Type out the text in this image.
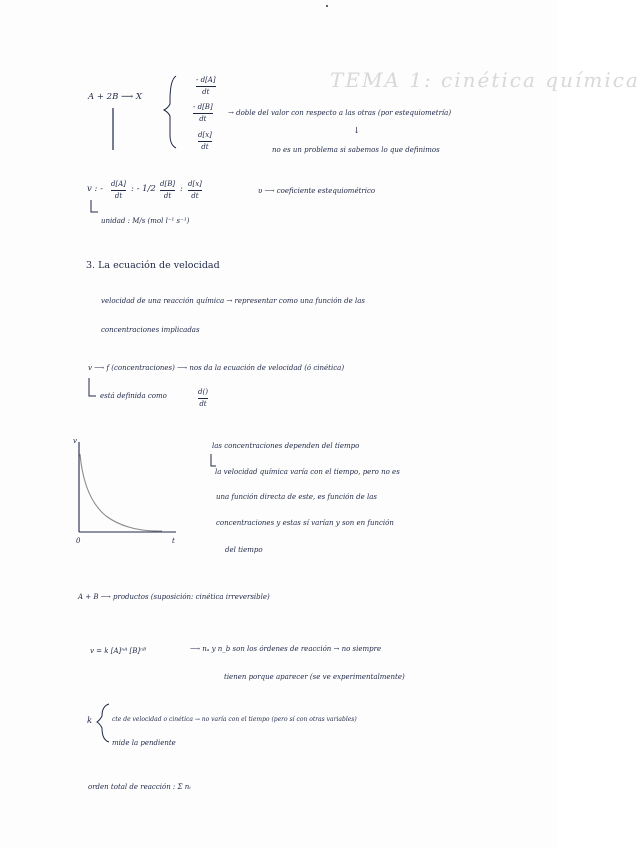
TEMA 1: cinética química
A + 2B ⟶ X
- d[A]
dt
- d[B]
dt
d[x]
dt
→ doble del valor con respecto a las otras (por estequiometría)
↓
no es un problema si sabemos lo que definimos
v : - d[A]
dt
: - 1/2 d[B]
dt
: d[x]
dt
υ ⟶ coeficiente estequiométrico
unidad : M/s (mol l⁻¹ s⁻¹)
3. La ecuación de velocidad
velocidad de una reacción química → representar como una función de las
concentraciones implicadas
v ⟶ f (concentraciones) ⟶ nos da la ecuación de velocidad (ó cinética)
está definida como	d()
dt
v
0	t
las concentraciones dependen del tiempo
la velocidad química varía con el tiempo, pero no es
una función directa de este, es función de las
concentraciones y estas sí varían y son en función
del tiempo
A + B ⟶ productos (suposición: cinética irreversible)
v = k [A]ⁿᴬ [B]ⁿᴮ	⟶ nₐ y n_b son los órdenes de reacción → no siempre
tienen porque aparecer (se ve experimentalmente)
k	cte de velocidad o cinética → no varía con el tiempo (pero sí con otras variables)
mide la pendiente
orden total de reacción : Σ nᵢ
